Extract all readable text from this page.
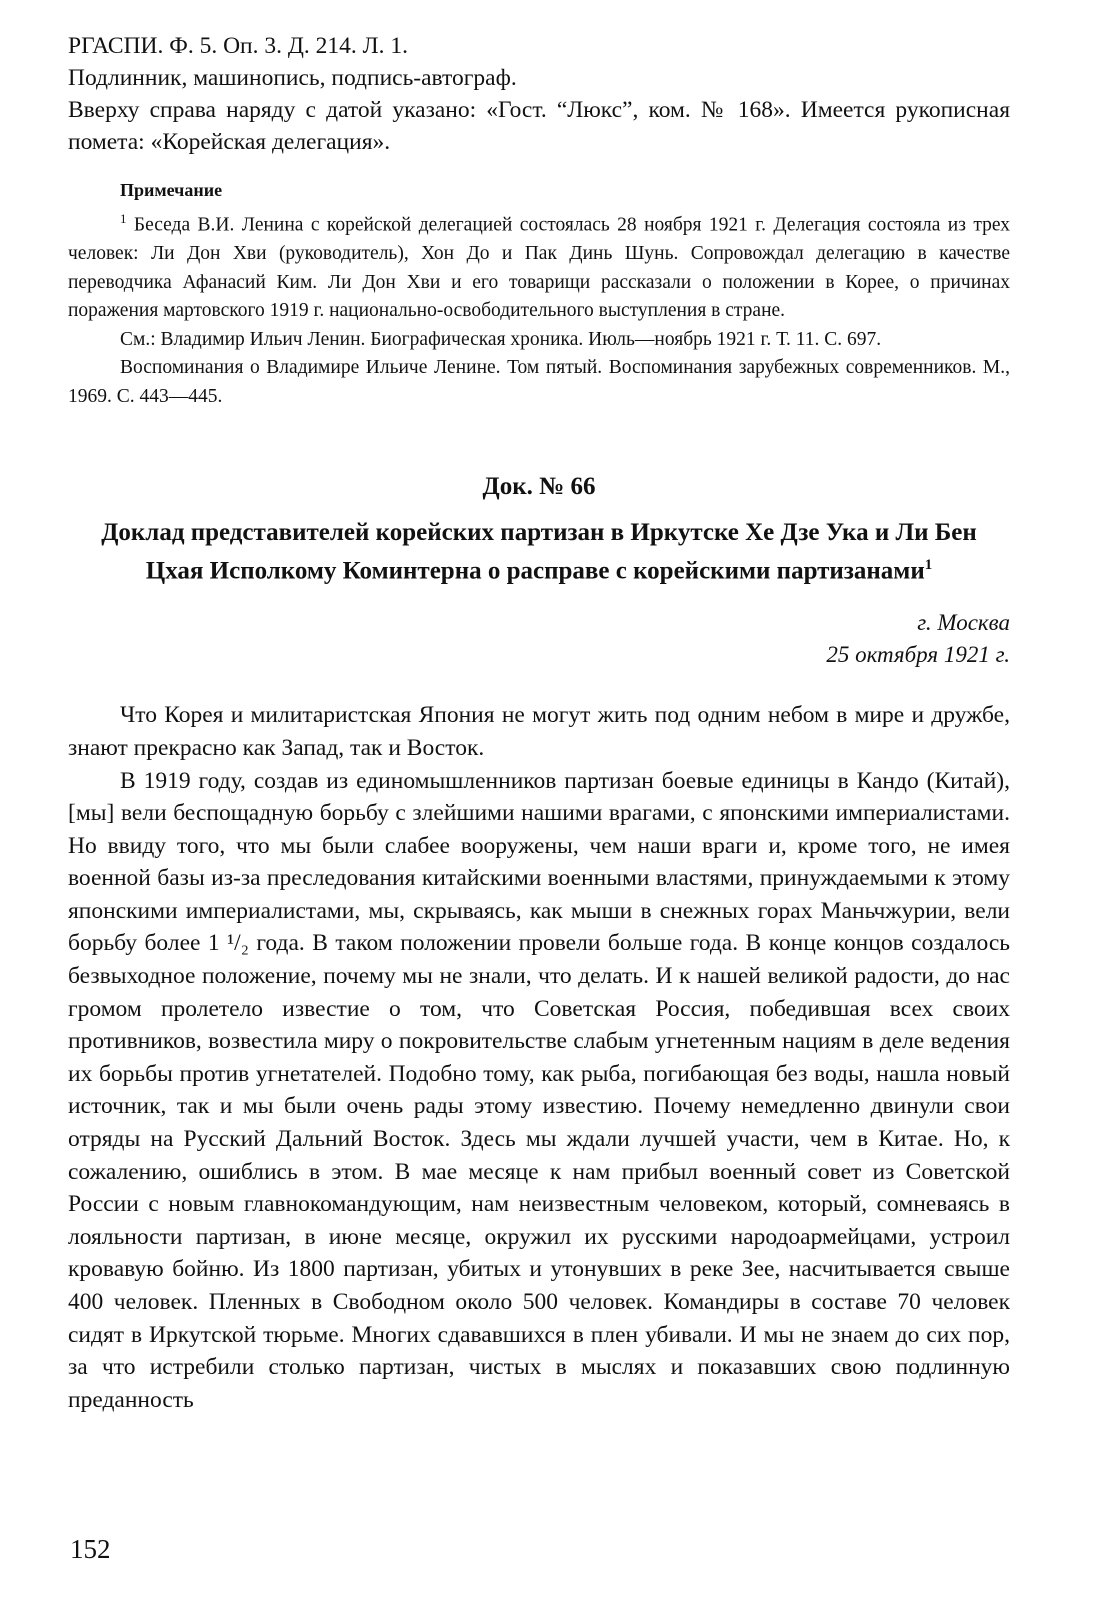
РГАСПИ. Ф. 5. Оп. 3. Д. 214. Л. 1.

Подлинник, машинопись, подпись-автограф.

Вверху справа наряду с датой указано: «Гост. “Люкс”, ком. № 168». Имеется рукописная помета: «Корейская делегация».

Примечание

$^1$ Беседа В.И. Ленина с корейской делегацией состоялась 28 ноября 1921 г. Делегация состояла из трех человек: Ли Дон Хви (руководитель), Хон До и Пак Динь Шунь. Сопровождал делегацию в качестве переводчика Афанасий Ким. Ли Дон Хви и его товарищи рассказали о положении в Корее, о причинах поражения мартовского 1919 г. национально-освободительного выступления в стране.

См.: Владимир Ильич Ленин. Биографическая хроника. Июль—ноябрь 1921 г. Т. 11. С. 697.

Воспоминания о Владимире Ильиче Ленине. Том пятый. Воспоминания зарубежных современников. М., 1969. С. 443—445.

Док. № 66
Доклад представителей корейских партизан в Иркутске Хе Дзе Ука и Ли Бен Цхая Исполкому Коминтерна о расправе с корейскими партизанами$^1$
г. Москва
25 октября 1921 г.

Что Корея и милитаристская Япония не могут жить под одним небом в мире и дружбе, знают прекрасно как Запад, так и Восток.

В 1919 году, создав из единомышленников партизан боевые единицы в Кандо (Китай), [мы] вели беспощадную борьбу с злейшими нашими врагами, с японскими империалистами. Но ввиду того, что мы были слабее вооружены, чем наши враги и, кроме того, не имея военной базы из-за преследования китайскими военными властями, принуждаемыми к этому японскими империалистами, мы, скрываясь, как мыши в снежных горах Маньчжурии, вели борьбу более 1 ¹/₂ года. В таком положении провели больше года. В конце концов создалось безвыходное положение, почему мы не знали, что делать. И к нашей великой радости, до нас громом пролетело известие о том, что Советская Россия, победившая всех своих противников, возвестила миру о покровительстве слабым угнетенным нациям в деле ведения их борьбы против угнетателей. Подобно тому, как рыба, погибающая без воды, нашла новый источник, так и мы были очень рады этому известию. Почему немедленно двинули свои отряды на Русский Дальний Восток. Здесь мы ждали лучшей участи, чем в Китае. Но, к сожалению, ошиблись в этом. В мае месяце к нам прибыл военный совет из Советской России с новым главнокомандующим, нам неизвестным человеком, который, сомневаясь в лояльности партизан, в июне месяце, окружил их русскими народоармейцами, устроил кровавую бойню. Из 1800 партизан, убитых и утонувших в реке Зее, насчитывается свыше 400 человек. Пленных в Свободном около 500 человек. Командиры в составе 70 человек сидят в Иркутской тюрьме. Многих сдававшихся в плен убивали. И мы не знаем до сих пор, за что истребили столько партизан, чистых в мыслях и показавших свою подлинную преданность

152
